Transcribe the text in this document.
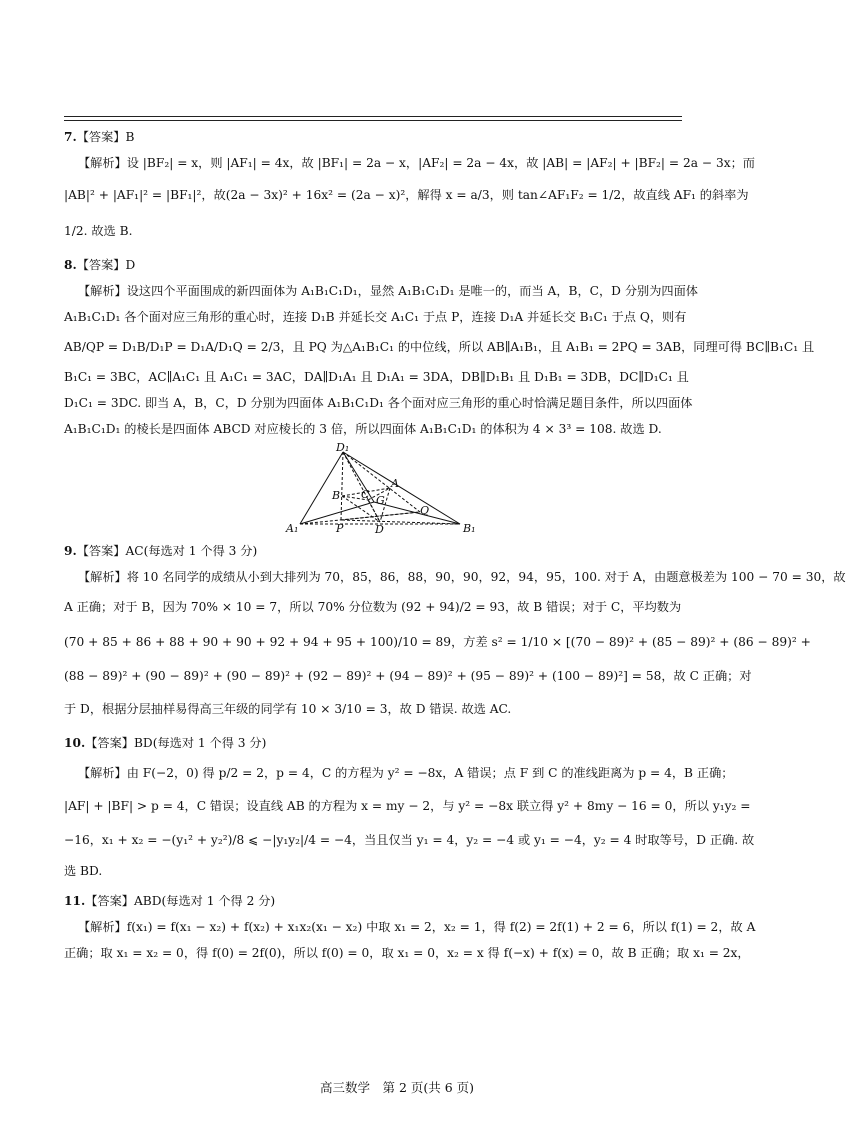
7.【答案】B

【解析】设 |BF₂| = x，则 |AF₁| = 4x，故 |BF₁| = 2a − x，|AF₂| = 2a − 4x，故 |AB| = |AF₂| + |BF₂| = 2a − 3x；而

|AB|² + |AF₁|² = |BF₁|²，故(2a − 3x)² + 16x² = (2a − x)²，解得 x = a/3，则 tan∠AF₁F₂ = 1/2，故直线 AF₁ 的斜率为

1/2. 故选 B.

8.【答案】D

【解析】设这四个平面围成的新四面体为 A₁B₁C₁D₁，显然 A₁B₁C₁D₁ 是唯一的，而当 A，B，C，D 分别为四面体

A₁B₁C₁D₁ 各个面对应三角形的重心时，连接 D₁B 并延长交 A₁C₁ 于点 P，连接 D₁A 并延长交 B₁C₁ 于点 Q，则有

AB/QP = D₁B/D₁P = D₁A/D₁Q = 2/3，且 PQ 为△A₁B₁C₁ 的中位线，所以 AB∥A₁B₁，且 A₁B₁ = 2PQ = 3AB，同理可得 BC∥B₁C₁ 且

B₁C₁ = 3BC，AC∥A₁C₁ 且 A₁C₁ = 3AC，DA∥D₁A₁ 且 D₁A₁ = 3DA，DB∥D₁B₁ 且 D₁B₁ = 3DB，DC∥D₁C₁ 且

D₁C₁ = 3DC. 即当 A，B，C，D 分别为四面体 A₁B₁C₁D₁ 各个面对应三角形的重心时恰满足题目条件，所以四面体

A₁B₁C₁D₁ 的棱长是四面体 ABCD 对应棱长的 3 倍，所以四面体 A₁B₁C₁D₁ 的体积为 4 × 3³ = 108. 故选 D.

D₁
A₁	B₁
B C
A
G
Q
P	D

9.【答案】AC(每选对 1 个得 3 分)

【解析】将 10 名同学的成绩从小到大排列为 70，85，86，88，90，90，92，94，95，100. 对于 A，由题意极差为 100 − 70 = 30，故

A 正确；对于 B，因为 70% × 10 = 7，所以 70% 分位数为 (92 + 94)/2 = 93，故 B 错误；对于 C，平均数为

(70 + 85 + 86 + 88 + 90 + 90 + 92 + 94 + 95 + 100)/10 = 89，方差 s² = 1/10 × [(70 − 89)² + (85 − 89)² + (86 − 89)² +

(88 − 89)² + (90 − 89)² + (90 − 89)² + (92 − 89)² + (94 − 89)² + (95 − 89)² + (100 − 89)²] = 58，故 C 正确；对

于 D，根据分层抽样易得高三年级的同学有 10 × 3/10 = 3，故 D 错误. 故选 AC.

10.【答案】BD(每选对 1 个得 3 分)

【解析】由 F(−2，0) 得 p/2 = 2，p = 4，C 的方程为 y² = −8x，A 错误；点 F 到 C 的准线距离为 p = 4，B 正确；

|AF| + |BF| > p = 4，C 错误；设直线 AB 的方程为 x = my − 2，与 y² = −8x 联立得 y² + 8my − 16 = 0，所以 y₁y₂ =

−16，x₁ + x₂ = −(y₁² + y₂²)/8 ⩽ −|y₁y₂|/4 = −4，当且仅当 y₁ = 4，y₂ = −4 或 y₁ = −4，y₂ = 4 时取等号，D 正确. 故

选 BD.

11.【答案】ABD(每选对 1 个得 2 分)

【解析】f(x₁) = f(x₁ − x₂) + f(x₂) + x₁x₂(x₁ − x₂) 中取 x₁ = 2，x₂ = 1，得 f(2) = 2f(1) + 2 = 6，所以 f(1) = 2，故 A

正确；取 x₁ = x₂ = 0，得 f(0) = 2f(0)，所以 f(0) = 0，取 x₁ = 0，x₂ = x 得 f(−x) + f(x) = 0，故 B 正确；取 x₁ = 2x，

高三数学　第 2 页(共 6 页)
